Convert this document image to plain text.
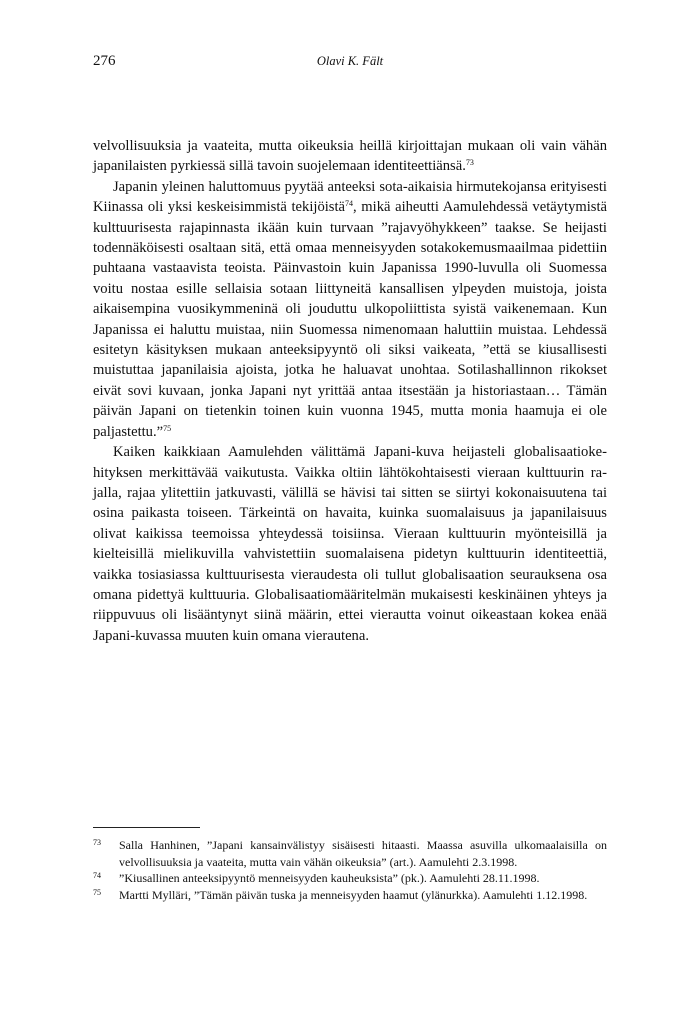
276	Olavi K. Fält

velvollisuuksia ja vaateita, mutta oikeuksia heillä kirjoittajan mukaan oli vain vähän japanilaisten pyrkiessä sillä tavoin suojelemaan identiteettiänsä.$^{73}$

Japanin yleinen haluttomuus pyytää anteeksi sota-aikaisia hirmutekojansa erityisesti Kiinassa oli yksi keskeisimmistä tekijöistä$^{74}$, mikä aiheutti Aamulehdessä vetäytymistä kulttuurisesta rajapinnasta ikään kuin turvaan ”rajavyöhykkeen” taakse. Se heijasti todennäköisesti osaltaan sitä, että omaa menneisyyden sotakokemusmaailmaa pidettiin puhtaana vastaavista teoista. Päinvastoin kuin Japanissa 1990-luvulla oli Suomessa voitu nostaa esille sellaisia sotaan liittyneitä kansallisen ylpeyden muistoja, joista aikaisempina vuosikymmeninä oli jouduttu ulkopoliittista syistä vaikenemaan. Kun Japanissa ei haluttu muistaa, niin Suomessa nimenomaan haluttiin muistaa. Lehdessä esitetyn käsityksen mukaan anteeksipyyntö oli siksi vaikeata, ”että se kiusallisesti muistuttaa japanilaisia ajoista, jotka he haluavat unohtaa. Sotilashallinnon rikokset eivät sovi kuvaan, jonka Japani nyt yrittää antaa itsestään ja historiastaan… Tämän päivän Japani on tietenkin toinen kuin vuonna 1945, mutta monia haamuja ei ole paljastettu.”$^{75}$

Kaiken kaikkiaan Aamulehden välittämä Japani-kuva heijasteli globalisaatiokehityksen merkittävää vaikutusta. Vaikka oltiin lähtökohtaisesti vieraan kulttuurin rajalla, rajaa ylitettiin jatkuvasti, välillä se hävisi tai sitten se siirtyi kokonaisuutena tai osina paikasta toiseen. Tärkeintä on havaita, kuinka suomalaisuus ja japanilaisuus olivat kaikissa teemoissa yhteydessä toisiinsa. Vieraan kulttuurin myönteisillä ja kielteisillä mielikuvilla vahvistettiin suomalaisena pidetyn kulttuurin identiteettiä, vaikka tosiasiassa kulttuurisesta vieraudesta oli tullut globalisaation seurauksena osa omana pidettyä kulttuuria. Globalisaatiomääritelmän mukaisesti keskinäinen yhteys ja riippuvuus oli lisääntynyt siinä määrin, ettei vierautta voinut oikeastaan kokea enää Japani-kuvassa muuten kuin omana vierautena.

73 Salla Hanhinen, ”Japani kansainvälistyy sisäisesti hitaasti. Maassa asuvilla ulkomaalaisilla on velvollisuuksia ja vaateita, mutta vain vähän oikeuksia” (art.). Aamulehti 2.3.1998.
74 ”Kiusallinen anteeksipyyntö menneisyyden kauheuksista” (pk.). Aamulehti 28.11.1998.
75 Martti Mylläri, ”Tämän päivän tuska ja menneisyyden haamut (ylänurkka). Aamulehti 1.12.1998.
